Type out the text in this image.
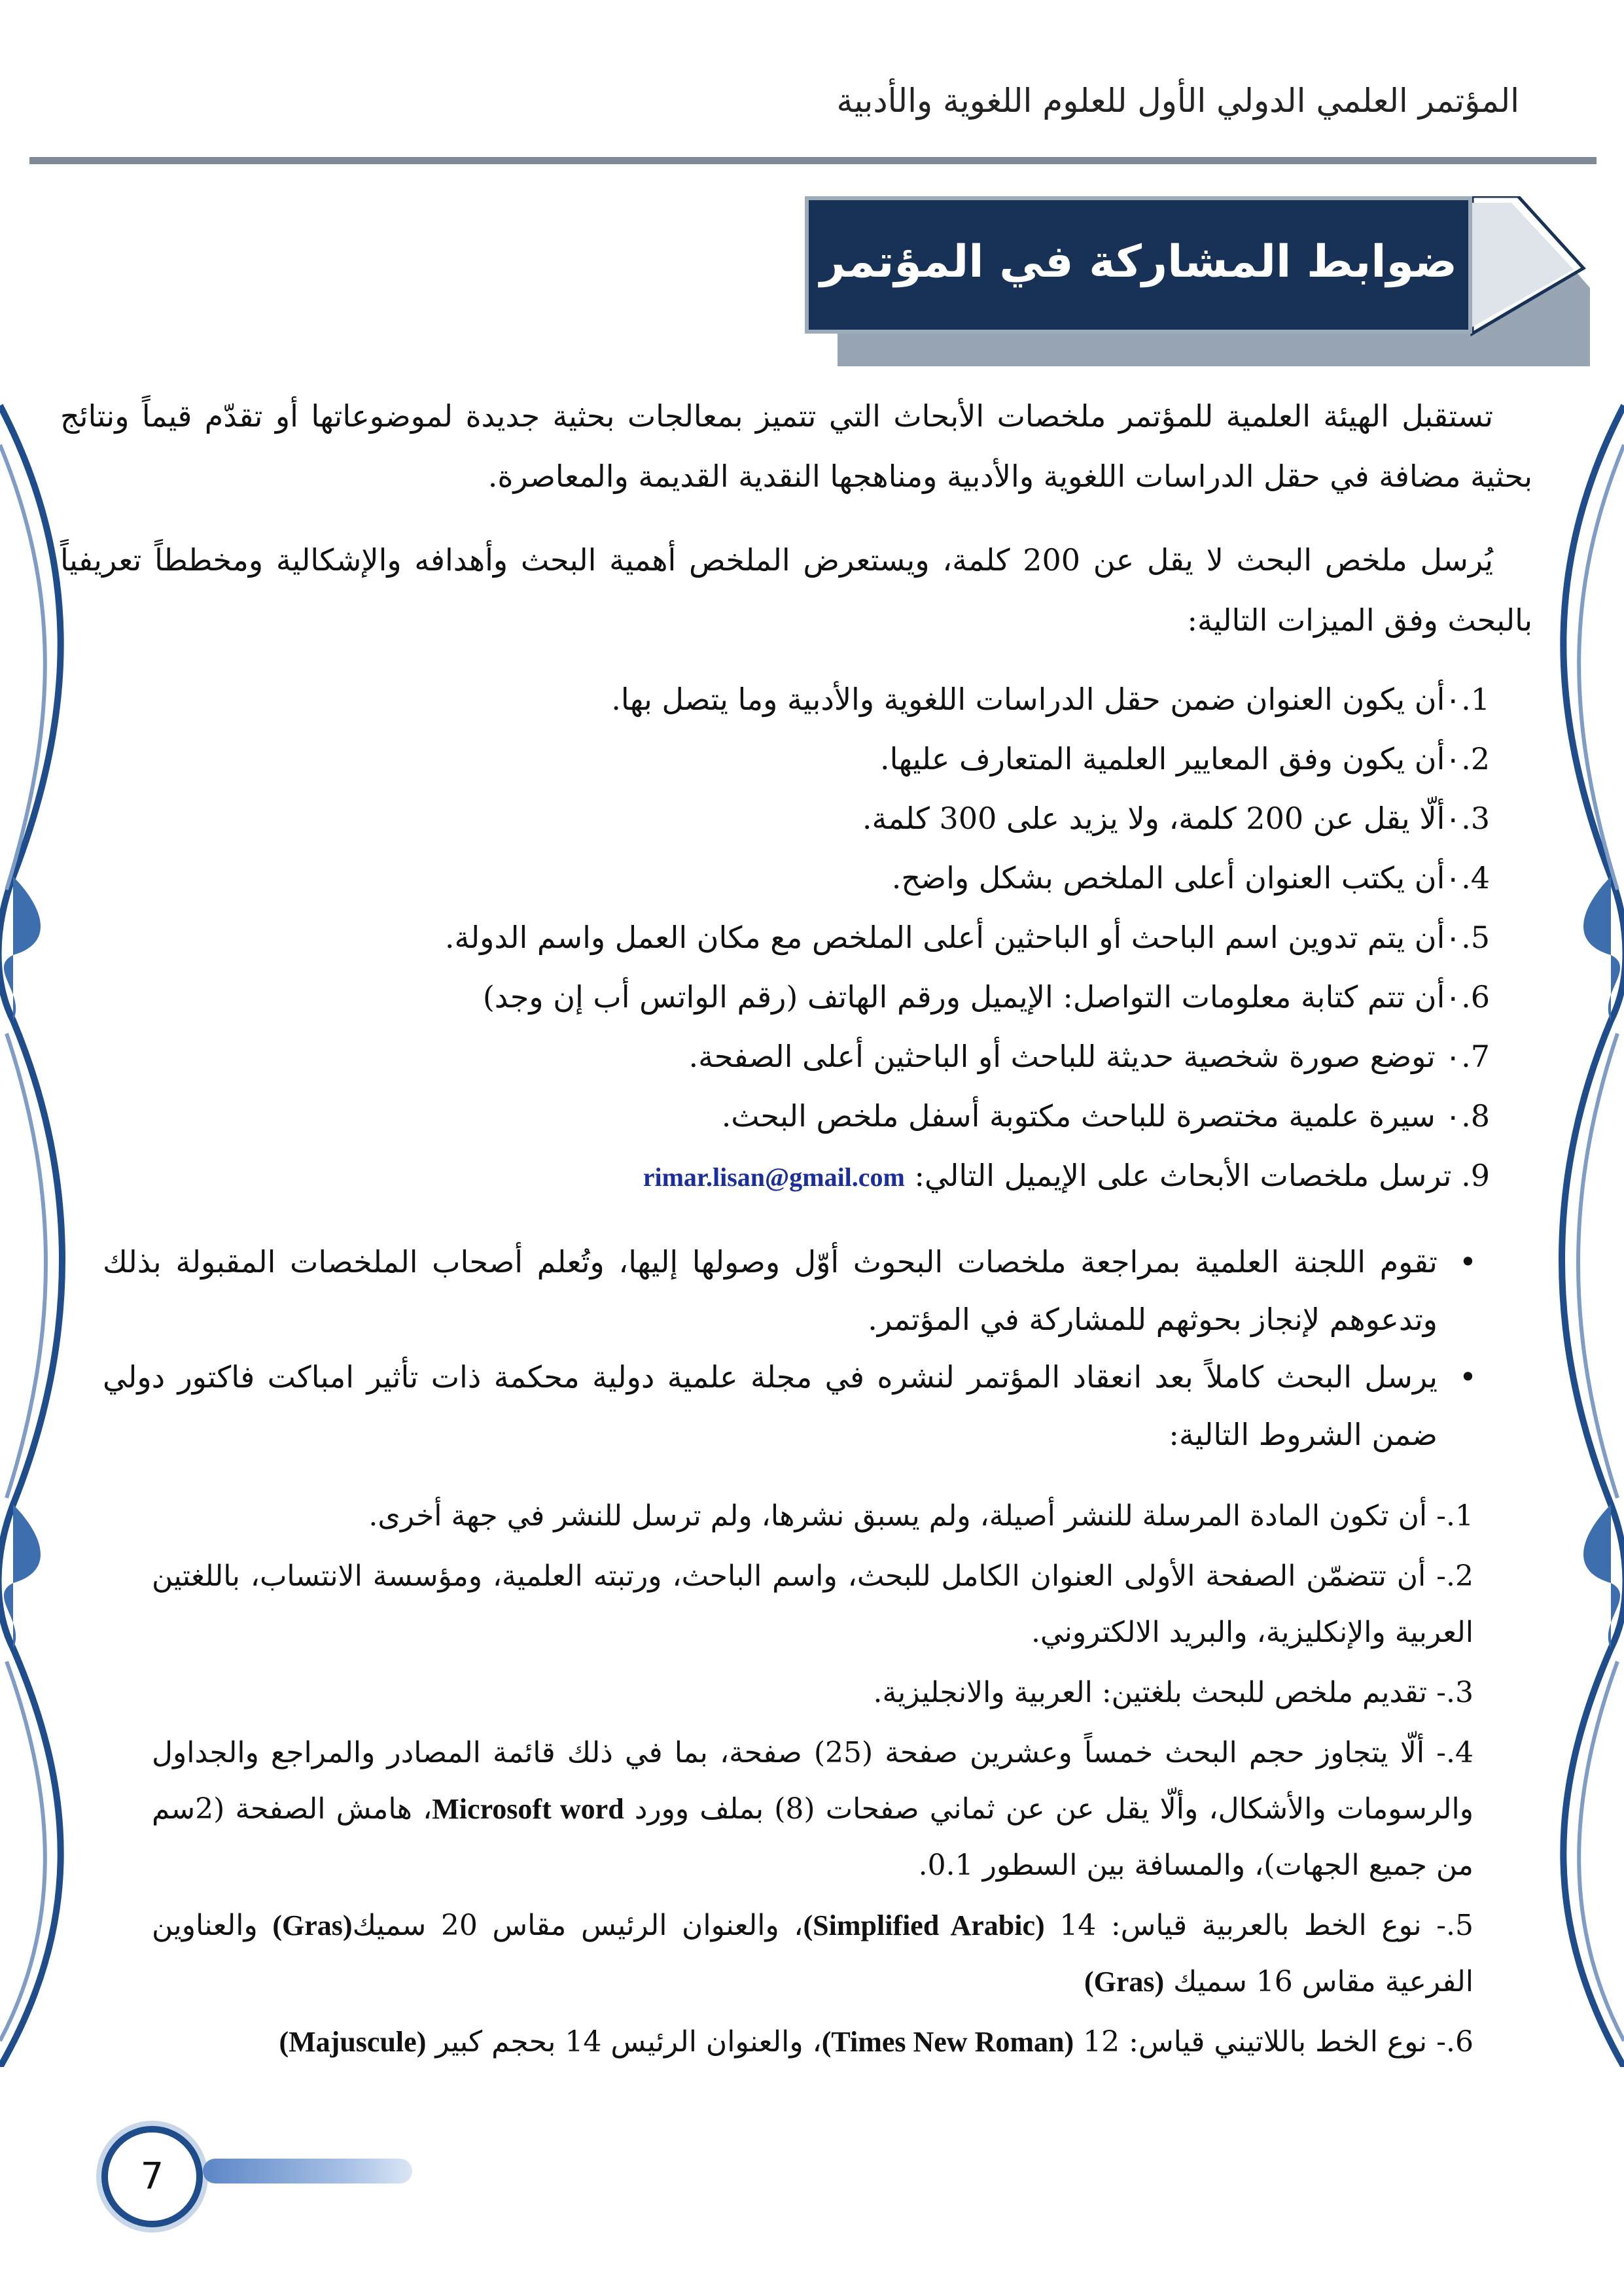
المؤتمر العلمي الدولي الأول للعلوم اللغوية والأدبية
ضوابط المشاركة في المؤتمر

تستقبل الهيئة العلمية للمؤتمر ملخصات الأبحاث التي تتميز بمعالجات بحثية جديدة لموضوعاتها أو تقدّم قيماً ونتائج بحثية مضافة في حقل الدراسات اللغوية والأدبية ومناهجها النقدية القديمة والمعاصرة.

يُرسل ملخص البحث لا يقل عن 200 كلمة، ويستعرض الملخص أهمية البحث وأهدافه والإشكالية ومخططاً تعريفياً بالبحث وفق الميزات التالية:

1.٠أن يكون العنوان ضمن حقل الدراسات اللغوية والأدبية وما يتصل بها.
2.٠أن يكون وفق المعايير العلمية المتعارف عليها.
3.٠ألّا يقل عن 200 كلمة، ولا يزيد على 300 كلمة.
4.٠أن يكتب العنوان أعلى الملخص بشكل واضح.
5.٠أن يتم تدوين اسم الباحث أو الباحثين أعلى الملخص مع مكان العمل واسم الدولة.
6.٠أن تتم كتابة معلومات التواصل: الإيميل ورقم الهاتف (رقم الواتس أب إن وجد)
7.٠ توضع صورة شخصية حديثة للباحث أو الباحثين أعلى الصفحة.
8.٠ سيرة علمية مختصرة للباحث مكتوبة أسفل ملخص البحث.
9. ترسل ملخصات الأبحاث على الإيميل التالي: rimar.lisan@gmail.com
• تقوم اللجنة العلمية بمراجعة ملخصات البحوث أوّل وصولها إليها، وتُعلم أصحاب الملخصات المقبولة بذلك وتدعوهم لإنجاز بحوثهم للمشاركة في المؤتمر.
• يرسل البحث كاملاً بعد انعقاد المؤتمر لنشره في مجلة علمية دولية محكمة ذات تأثير امباكت فاكتور دولي ضمن الشروط التالية:
1.- أن تكون المادة المرسلة للنشر أصيلة، ولم يسبق نشرها، ولم ترسل للنشر في جهة أخرى.
2.- أن تتضمّن الصفحة الأولى العنوان الكامل للبحث، واسم الباحث، ورتبته العلمية، ومؤسسة الانتساب، باللغتين العربية والإنكليزية، والبريد الالكتروني.
3.- تقديم ملخص للبحث بلغتين: العربية والانجليزية.
4.- ألّا يتجاوز حجم البحث خمساً وعشرين صفحة (25) صفحة، بما في ذلك قائمة المصادر والمراجع والجداول والرسومات والأشكال، وألّا يقل عن عن ثماني صفحات (8) بملف وورد Microsoft word، هامش الصفحة (2سم من جميع الجهات)، والمسافة بين السطور 0.1.
5.- نوع الخط بالعربية قياس: 14 (Simplified Arabic)، والعنوان الرئيس مقاس 20 سميك(Gras) والعناوين الفرعية مقاس 16 سميك (Gras)
6.- نوع الخط باللاتيني قياس: 12 (Times New Roman)، والعنوان الرئيس 14 بحجم كبير (Majuscule)
7
